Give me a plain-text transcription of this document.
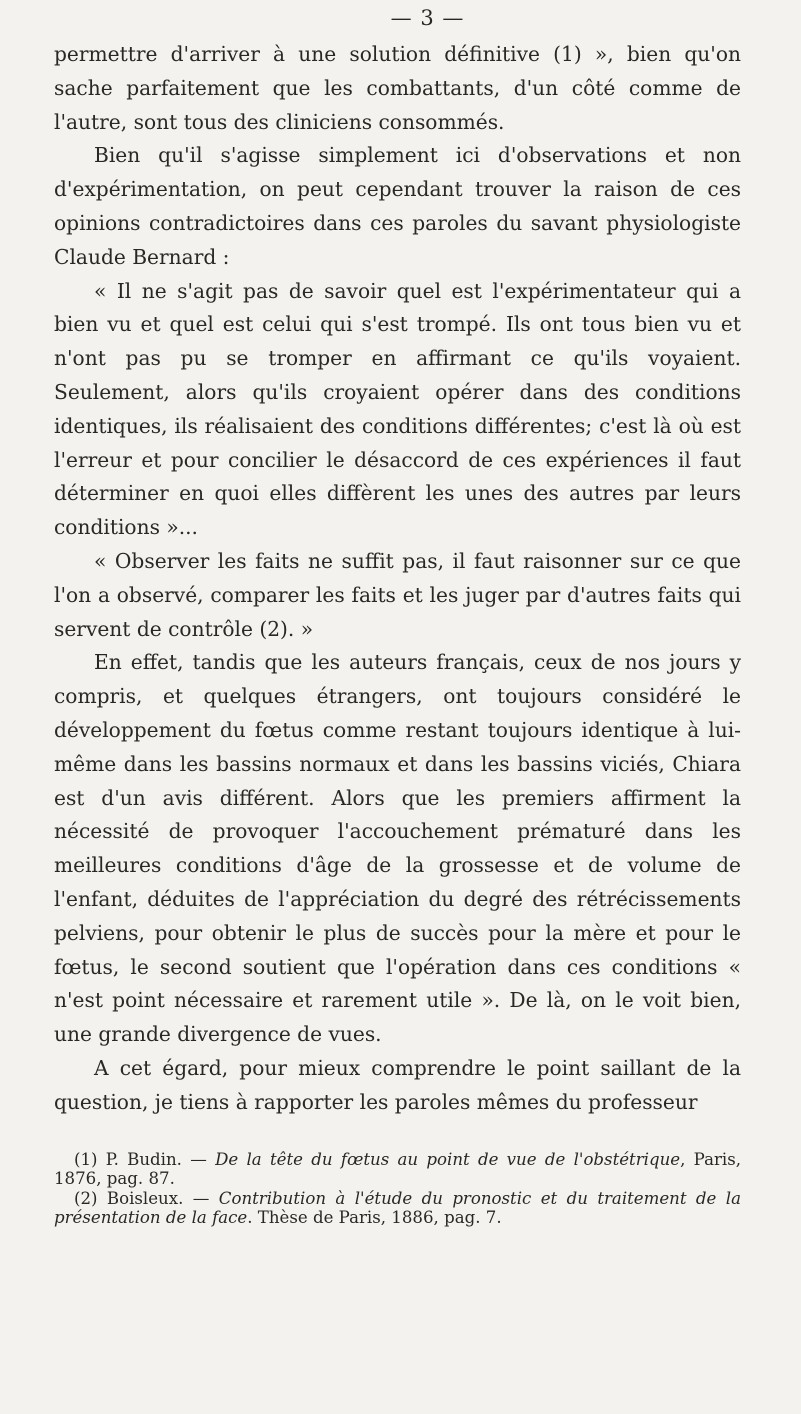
— 3 —

permettre d'arriver à une solution définitive (1) », bien qu'on sache parfaitement que les combattants, d'un côté comme de l'autre, sont tous des cliniciens consommés.

Bien qu'il s'agisse simplement ici d'observations et non d'expérimentation, on peut cependant trouver la raison de ces opinions contradictoires dans ces paroles du savant physiologiste Claude Bernard :

« Il ne s'agit pas de savoir quel est l'expérimentateur qui a bien vu et quel est celui qui s'est trompé. Ils ont tous bien vu et n'ont pas pu se tromper en affirmant ce qu'ils voyaient. Seulement, alors qu'ils croyaient opérer dans des conditions identiques, ils réalisaient des conditions différentes; c'est là où est l'erreur et pour concilier le désaccord de ces expériences il faut déterminer en quoi elles diffèrent les unes des autres par leurs conditions »...

« Observer les faits ne suffit pas, il faut raisonner sur ce que l'on a observé, comparer les faits et les juger par d'autres faits qui servent de contrôle (2). »

En effet, tandis que les auteurs français, ceux de nos jours y compris, et quelques étrangers, ont toujours considéré le développement du fœtus comme restant toujours identique à lui-même dans les bassins normaux et dans les bassins viciés, Chiara est d'un avis différent. Alors que les premiers affirment la nécessité de provoquer l'accouchement prématuré dans les meilleures conditions d'âge de la grossesse et de volume de l'enfant, déduites de l'appréciation du degré des rétrécissements pelviens, pour obtenir le plus de succès pour la mère et pour le fœtus, le second soutient que l'opération dans ces conditions « n'est point nécessaire et rarement utile ». De là, on le voit bien, une grande divergence de vues.

A cet égard, pour mieux comprendre le point saillant de la question, je tiens à rapporter les paroles mêmes du professeur

(1) P. Budin. — De la tête du fœtus au point de vue de l'obstétrique, Paris, 1876, pag. 87.

(2) Boisleux. — Contribution à l'étude du pronostic et du traitement de la présentation de la face. Thèse de Paris, 1886, pag. 7.
